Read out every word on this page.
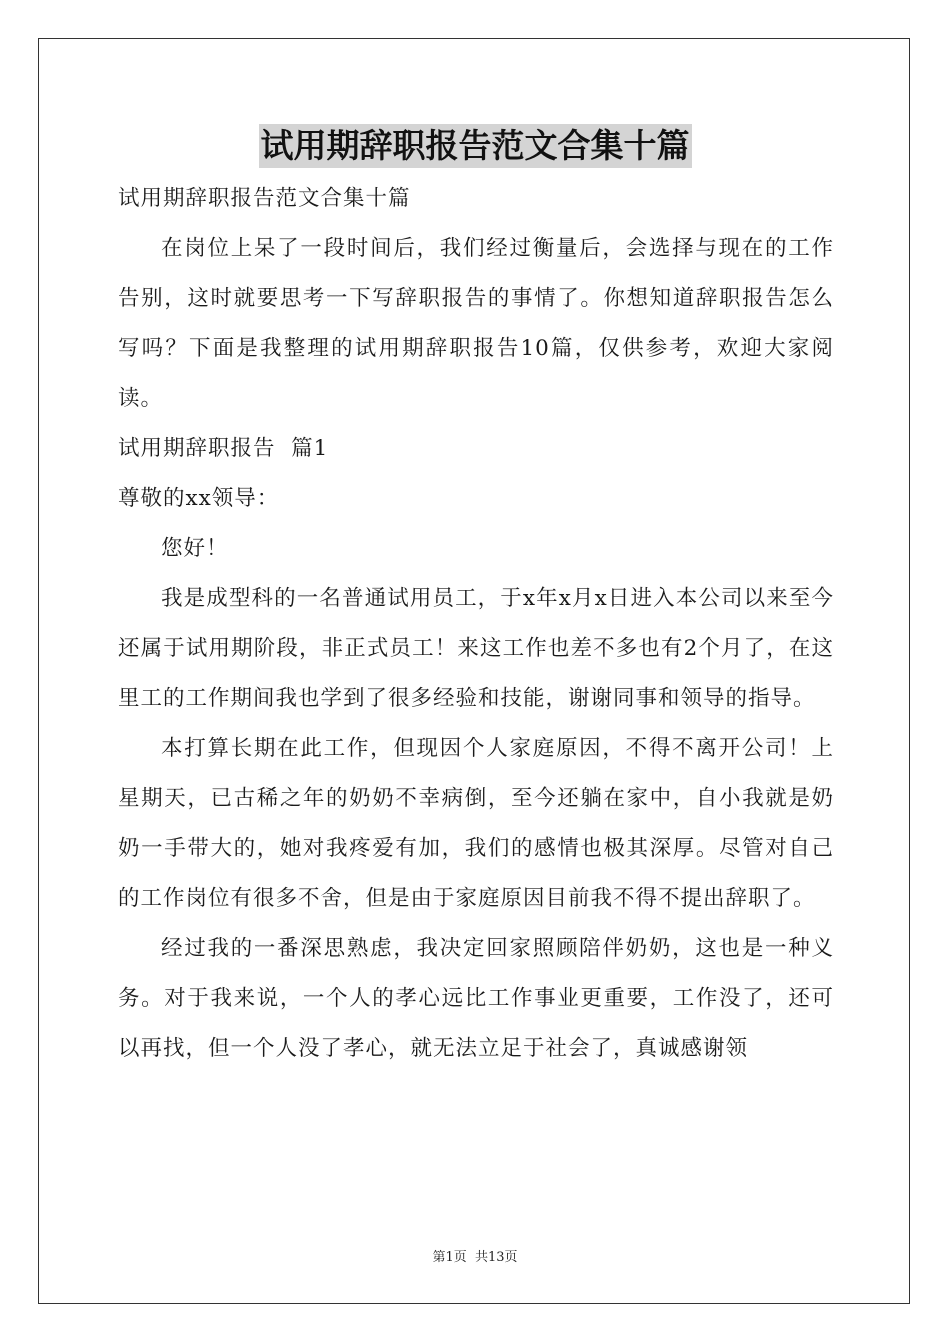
试用期辞职报告范文合集十篇

试用期辞职报告范文合集十篇

在岗位上呆了一段时间后，我们经过衡量后，会选择与现在的工作告别，这时就要思考一下写辞职报告的事情了。你想知道辞职报告怎么写吗？下面是我整理的试用期辞职报告10篇，仅供参考，欢迎大家阅读。

试用期辞职报告  篇1

尊敬的xx领导：

您好！

我是成型科的一名普通试用员工，于x年x月x日进入本公司以来至今还属于试用期阶段，非正式员工！来这工作也差不多也有2个月了，在这里工的工作期间我也学到了很多经验和技能，谢谢同事和领导的指导。

本打算长期在此工作，但现因个人家庭原因，不得不离开公司！上星期天，已古稀之年的奶奶不幸病倒，至今还躺在家中，自小我就是奶奶一手带大的，她对我疼爱有加，我们的感情也极其深厚。尽管对自己的工作岗位有很多不舍，但是由于家庭原因目前我不得不提出辞职了。

经过我的一番深思熟虑，我决定回家照顾陪伴奶奶，这也是一种义务。对于我来说，一个人的孝心远比工作事业更重要，工作没了，还可以再找，但一个人没了孝心，就无法立足于社会了，真诚感谢领

第1页  共13页
